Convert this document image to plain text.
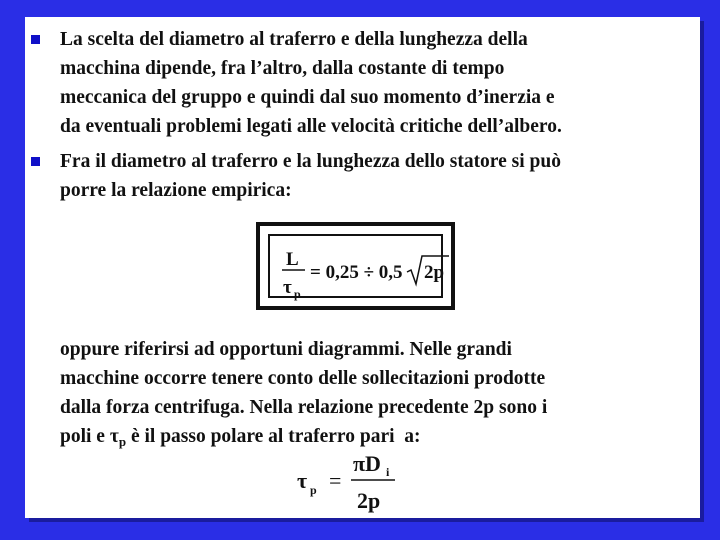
La scelta del diametro al traferro e della lunghezza della
macchina dipende, fra l’altro, dalla costante di tempo
meccanica del gruppo e quindi dal suo momento d’inerzia e
da eventuali problemi legati alle velocità critiche dell’albero.
Fra il diametro al traferro e la lunghezza dello statore si può
porre la relazione empirica:
L
τ p
= 0,25 ÷ 0,5 2p
oppure riferirsi ad opportuni diagrammi. Nelle grandi
macchine occorre tenere conto delle sollecitazioni prodotte
dalla forza centrifuga. Nella relazione precedente 2p sono i
poli e $\tau_p$ è il passo polare al traferro pari  a:
τ p =
πD i
2p
